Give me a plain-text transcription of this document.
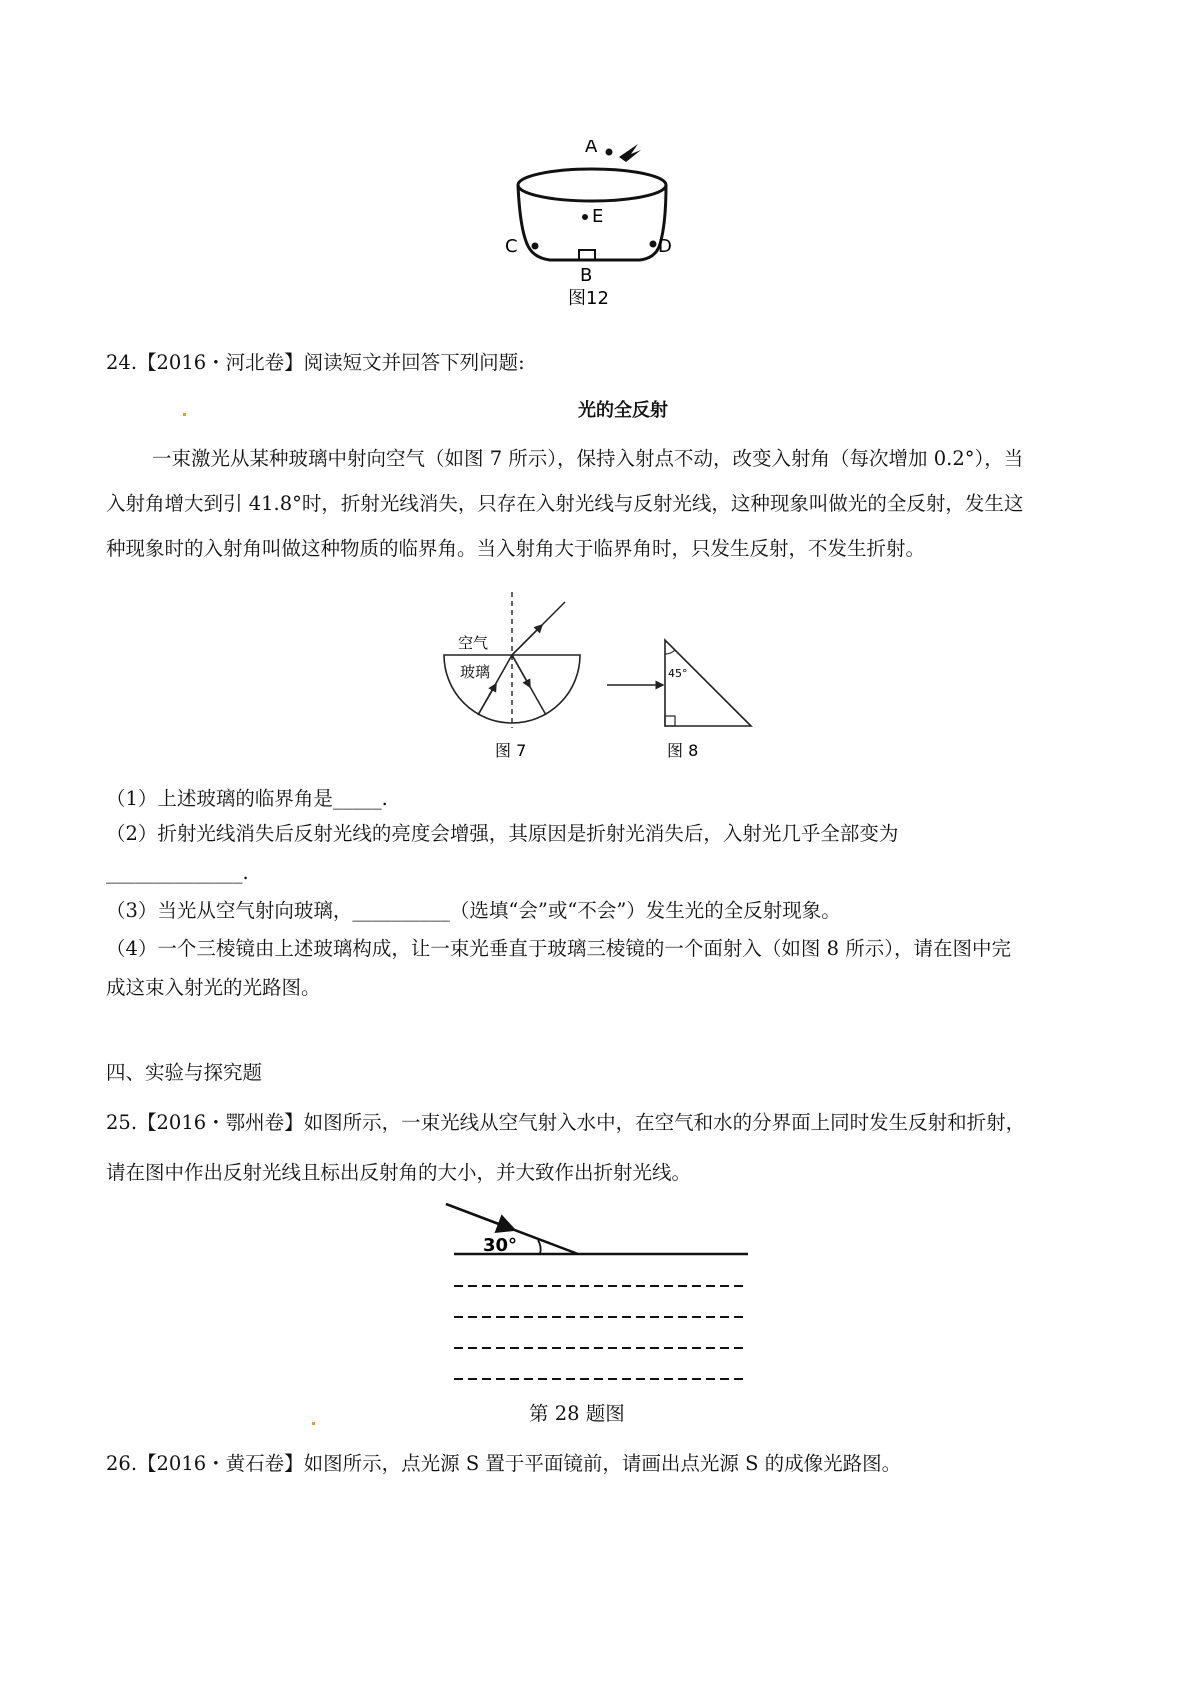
A
E
C	D
B
图12
24.【2016・河北卷】阅读短文并回答下列问题:
光的全反射
一束激光从某种玻璃中射向空气（如图 7 所示），保持入射点不动，改变入射角（每次增加 0.2°），当
入射角增大到引 41.8°时，折射光线消失，只存在入射光线与反射光线，这种现象叫做光的全反射，发生这
种现象时的入射角叫做这种物质的临界角。当入射角大于临界角时，只发生反射，不发生折射。
空气
玻璃
图 7
45°
图 8
（1）上述玻璃的临界角是_____.
（2）折射光线消失后反射光线的亮度会增强，其原因是折射光消失后，入射光几乎全部变为
______________.
（3）当光从空气射向玻璃，__________（选填“会”或“不会”）发生光的全反射现象。
（4）一个三棱镜由上述玻璃构成，让一束光垂直于玻璃三棱镜的一个面射入（如图 8 所示），请在图中完
成这束入射光的光路图。
四、实验与探究题
25.【2016・鄂州卷】如图所示，一束光线从空气射入水中，在空气和水的分界面上同时发生反射和折射，
请在图中作出反射光线且标出反射角的大小，并大致作出折射光线。
30°
第 28 题图
26.【2016・黄石卷】如图所示，点光源 S 置于平面镜前，请画出点光源 S 的成像光路图。
